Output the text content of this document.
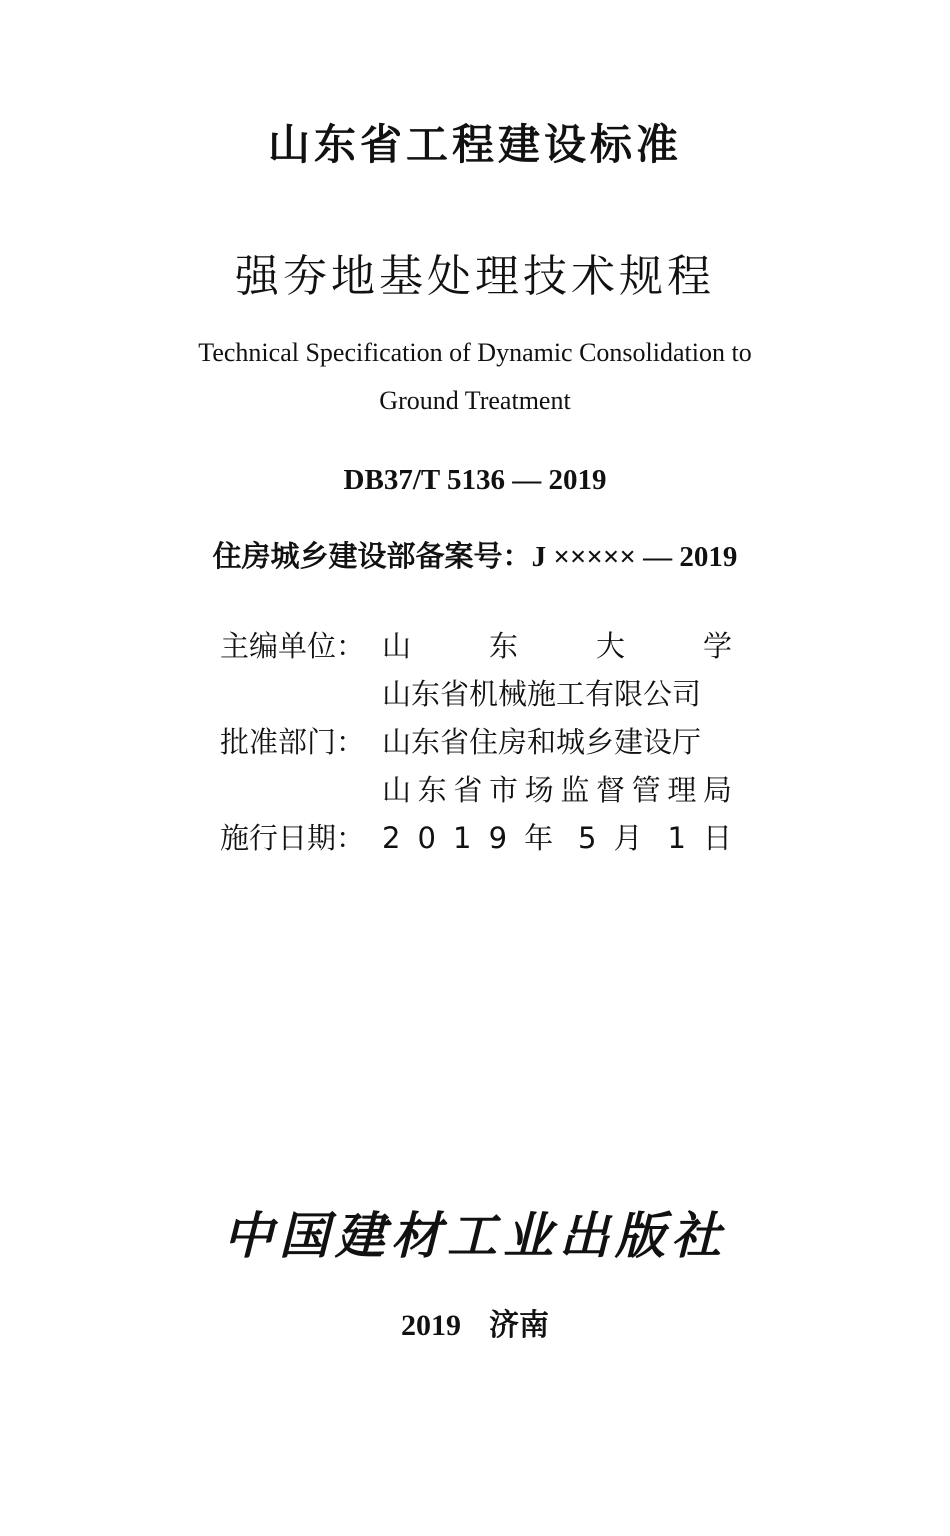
山东省工程建设标准
强夯地基处理技术规程
Technical Specification of Dynamic Consolidation to
Ground Treatment
DB37/T 5136 — 2019
住房城乡建设部备案号：J ××××× — 2019
主编单位： 山 东 大 学
山东省机械施工有限公司
批准部门： 山东省住房和城乡建设厅
山东省市场监督管理局
施行日期： 2 0 1 9 年 5 月 1 日
中国建材工业出版社
2019 济南
